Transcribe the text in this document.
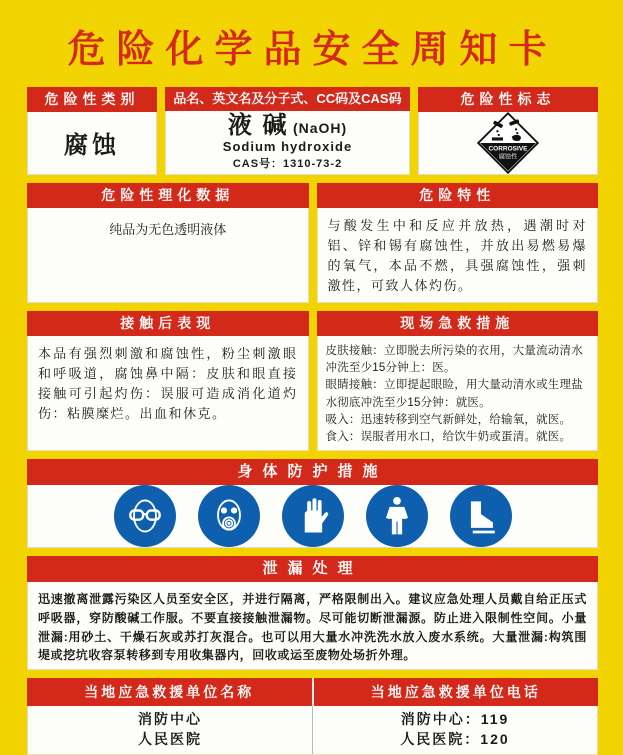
危险化学品安全周知卡
危险性类别
腐蚀
品名、英文名及分子式、CC码及CAS码
液 碱 (NaOH)
Sodium hydroxide
CAS号：1310-73-2
危险性标志
CORROSIVE
腐蚀性
危险性理化数据
纯品为无色透明液体
危险特性
与酸发生中和反应并放热，遇潮时对铝、锌和锡有腐蚀性，并放出易燃易爆的氧气，本品不燃，具强腐蚀性，强刺激性，可致人体灼伤。
接触后表现
本品有强烈刺激和腐蚀性，粉尘刺激眼和呼吸道，腐蚀鼻中隔：皮肤和眼直接接触可引起灼伤：误服可造成消化道灼伤：粘膜糜烂。出血和休克。
现场急救措施

皮肤接触：立即脱去所污染的衣用，大量流动清水冲洗至少15分钟上：医。

眼睛接触：立即提起眼睑，用大量动清水或生理盐水彻底冲洗至少15分钟：就医。

吸入：迅速转移到空气新鲜处，给输氧，就医。

食入：误服者用水口，给饮牛奶或蛋清。就医。

身体防护措施
泄漏处理
迅速撤离泄露污染区人员至安全区，并进行隔离，严格限制出入。建议应急处理人员戴自给正压式呼吸器，穿防酸碱工作服。不要直接接触泄漏物。尽可能切断泄漏源。防止进入限制性空间。小量泄漏:用砂土、干燥石灰或苏打灰混合。也可以用大量水冲洗洗水放入废水系统。大量泄漏:构筑围堤或挖坑收容泵转移到专用收集器内，回收或运至废物处场折外理。
当地应急救援单位名称	当地应急救援单位电话
消防中心
人民医院
消防中心：119
人民医院：120
